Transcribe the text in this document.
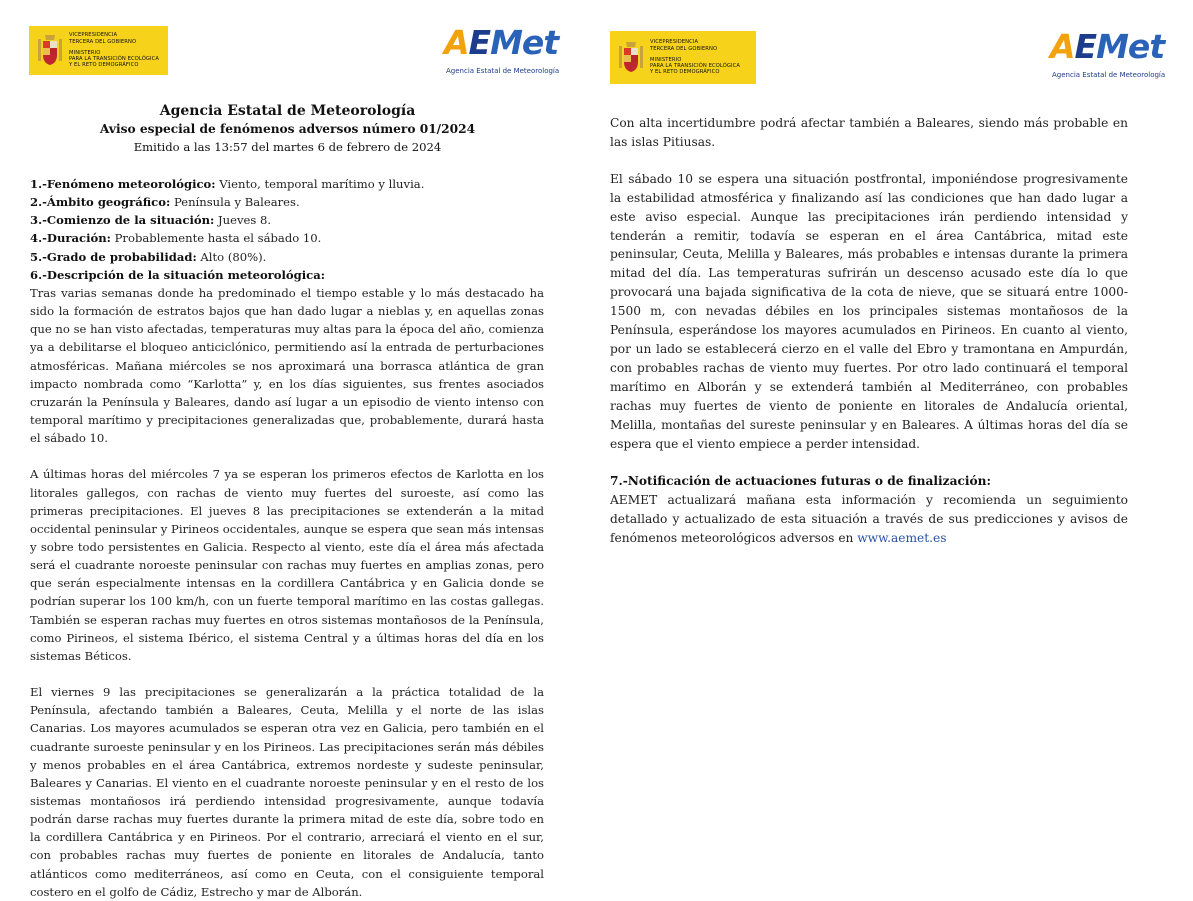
VICEPRESIDENCIA
TERCERA DEL GOBIERNO
MINISTERIO
PARA LA TRANSICIÓN ECOLÓGICA
Y EL RETO DEMOGRÁFICO
AEMet
Agencia Estatal de Meteorología
Agencia Estatal de Meteorología
Aviso especial de fenómenos adversos número 01/2024
Emitido a las 13:57 del martes 6 de febrero de 2024
1.-Fenómeno meteorológico: Viento, temporal marítimo y lluvia.
2.-Ámbito geográfico: Península y Baleares.
3.-Comienzo de la situación: Jueves 8.
4.-Duración: Probablemente hasta el sábado 10.
5.-Grado de probabilidad: Alto (80%).
6.-Descripción de la situación meteorológica:

Tras varias semanas donde ha predominado el tiempo estable y lo más destacado ha sido la formación de estratos bajos que han dado lugar a nieblas y, en aquellas zonas que no se han visto afectadas, temperaturas muy altas para la época del año, comienza ya a debilitarse el bloqueo anticiclónico, permitiendo así la entrada de perturbaciones atmosféricas. Mañana miércoles se nos aproximará una borrasca atlántica de gran impacto nombrada como “Karlotta” y, en los días siguientes, sus frentes asociados cruzarán la Península y Baleares, dando así lugar a un episodio de viento intenso con temporal marítimo y precipitaciones generalizadas que, probablemente, durará hasta el sábado 10.

A últimas horas del miércoles 7 ya se esperan los primeros efectos de Karlotta en los litorales gallegos, con rachas de viento muy fuertes del suroeste, así como las primeras precipitaciones. El jueves 8 las precipitaciones se extenderán a la mitad occidental peninsular y Pirineos occidentales, aunque se espera que sean más intensas y sobre todo persistentes en Galicia. Respecto al viento, este día el área más afectada será el cuadrante noroeste peninsular con rachas muy fuertes en amplias zonas, pero que serán especialmente intensas en la cordillera Cantábrica y en Galicia donde se podrían superar los 100 km/h, con un fuerte temporal marítimo en las costas gallegas. También se esperan rachas muy fuertes en otros sistemas montañosos de la Península, como Pirineos, el sistema Ibérico, el sistema Central y a últimas horas del día en los sistemas Béticos.

El viernes 9 las precipitaciones se generalizarán a la práctica totalidad de la Península, afectando también a Baleares, Ceuta, Melilla y el norte de las islas Canarias. Los mayores acumulados se esperan otra vez en Galicia, pero también en el cuadrante suroeste peninsular y en los Pirineos. Las precipitaciones serán más débiles y menos probables en el área Cantábrica, extremos nordeste y sudeste peninsular, Baleares y Canarias. El viento en el cuadrante noroeste peninsular y en el resto de los sistemas montañosos irá perdiendo intensidad progresivamente, aunque todavía podrán darse rachas muy fuertes durante la primera mitad de este día, sobre todo en la cordillera Cantábrica y en Pirineos. Por el contrario, arreciará el viento en el sur, con probables rachas muy fuertes de poniente en litorales de Andalucía, tanto atlánticos como mediterráneos, así como en Ceuta, con el consiguiente temporal costero en el golfo de Cádiz, Estrecho y mar de Alborán.

VICEPRESIDENCIA
TERCERA DEL GOBIERNO
MINISTERIO
PARA LA TRANSICIÓN ECOLÓGICA
Y EL RETO DEMOGRÁFICO
AEMet
Agencia Estatal de Meteorología

Con alta incertidumbre podrá afectar también a Baleares, siendo más probable en las islas Pitiusas.

El sábado 10 se espera una situación postfrontal, imponiéndose progresivamente la estabilidad atmosférica y finalizando así las condiciones que han dado lugar a este aviso especial. Aunque las precipitaciones irán perdiendo intensidad y tenderán a remitir, todavía se esperan en el área Cantábrica, mitad este peninsular, Ceuta, Melilla y Baleares, más probables e intensas durante la primera mitad del día. Las temperaturas sufrirán un descenso acusado este día lo que provocará una bajada significativa de la cota de nieve, que se situará entre 1000-1500 m, con nevadas débiles en los principales sistemas montañosos de la Península, esperándose los mayores acumulados en Pirineos. En cuanto al viento, por un lado se establecerá cierzo en el valle del Ebro y tramontana en Ampurdán, con probables rachas de viento muy fuertes. Por otro lado continuará el temporal marítimo en Alborán y se extenderá también al Mediterráneo, con probables rachas muy fuertes de viento de poniente en litorales de Andalucía oriental, Melilla, montañas del sureste peninsular y en Baleares. A últimas horas del día se espera que el viento empiece a perder intensidad.

7.-Notificación de actuaciones futuras o de finalización:

AEMET actualizará mañana esta información y recomienda un seguimiento detallado y actualizado de esta situación a través de sus predicciones y avisos de fenómenos meteorológicos adversos en www.aemet.es
